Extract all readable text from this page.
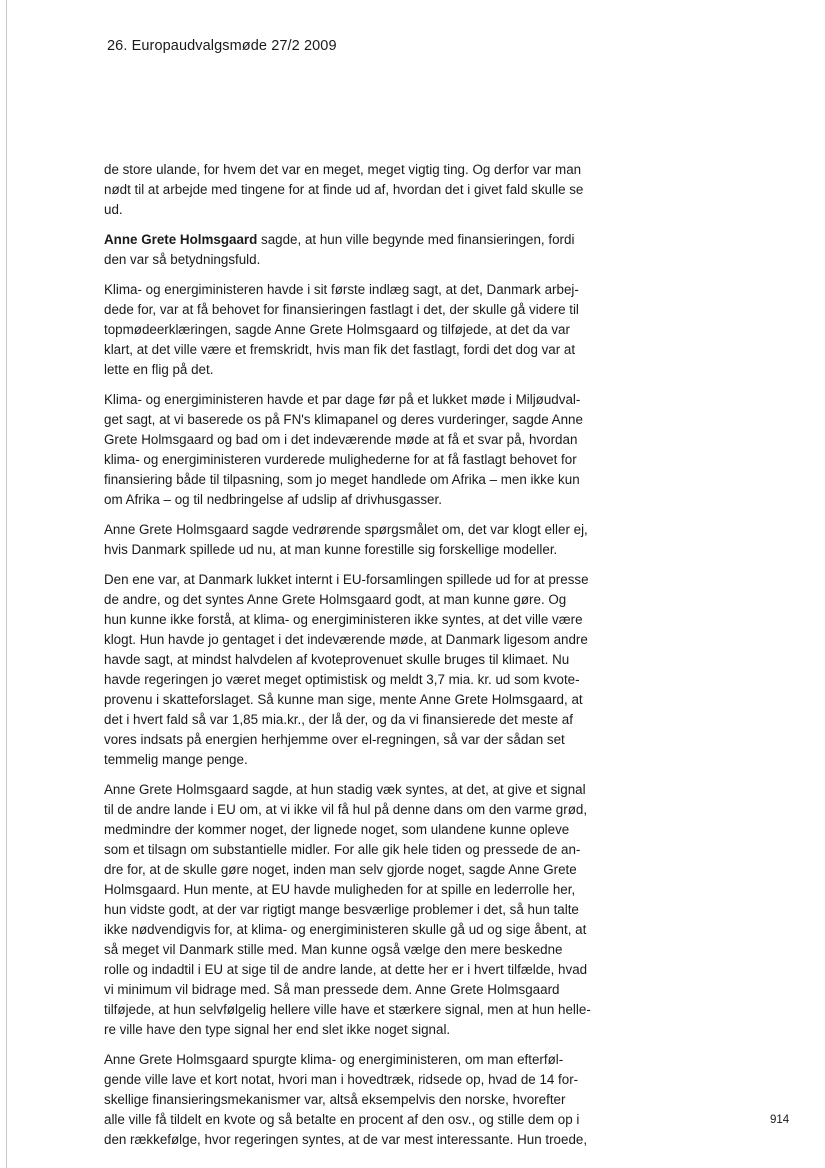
26. Europaudvalgsmøde 27/2 2009
de store ulande, for hvem det var en meget, meget vigtig ting. Og derfor var man
nødt til at arbejde med tingene for at finde ud af, hvordan det i givet fald skulle se
ud.
Anne Grete Holmsgaard sagde, at hun ville begynde med finansieringen, fordi
den var så betydningsfuld.
Klima- og energiministeren havde i sit første indlæg sagt, at det, Danmark arbej-
dede for, var at få behovet for finansieringen fastlagt i det, der skulle gå videre til
topmødeerklæringen, sagde Anne Grete Holmsgaard og tilføjede, at det da var
klart, at det ville være et fremskridt, hvis man fik det fastlagt, fordi det dog var at
lette en flig på det.
Klima- og energiministeren havde et par dage før på et lukket møde i Miljøudval-
get sagt, at vi baserede os på FN's klimapanel og deres vurderinger, sagde Anne
Grete Holmsgaard og bad om i det indeværende møde at få et svar på, hvordan
klima- og energiministeren vurderede mulighederne for at få fastlagt behovet for
finansiering både til tilpasning, som jo meget handlede om Afrika – men ikke kun
om Afrika – og til nedbringelse af udslip af drivhusgasser.
Anne Grete Holmsgaard sagde vedrørende spørgsmålet om, det var klogt eller ej,
hvis Danmark spillede ud nu, at man kunne forestille sig forskellige modeller.
Den ene var, at Danmark lukket internt i EU-forsamlingen spillede ud for at presse
de andre, og det syntes Anne Grete Holmsgaard godt, at man kunne gøre. Og
hun kunne ikke forstå, at klima- og energiministeren ikke syntes, at det ville være
klogt. Hun havde jo gentaget i det indeværende møde, at Danmark ligesom andre
havde sagt, at mindst halvdelen af kvoteprovenuet skulle bruges til klimaet. Nu
havde regeringen jo været meget optimistisk og meldt 3,7 mia. kr. ud som kvote-
provenu i skatteforslaget. Så kunne man sige, mente Anne Grete Holmsgaard, at
det i hvert fald så var 1,85 mia.kr., der lå der, og da vi finansierede det meste af
vores indsats på energien herhjemme over el-regningen, så var der sådan set
temmelig mange penge.
Anne Grete Holmsgaard sagde, at hun stadig væk syntes, at det, at give et signal
til de andre lande i EU om, at vi ikke vil få hul på denne dans om den varme grød,
medmindre der kommer noget, der lignede noget, som ulandene kunne opleve
som et tilsagn om substantielle midler. For alle gik hele tiden og pressede de an-
dre for, at de skulle gøre noget, inden man selv gjorde noget, sagde Anne Grete
Holmsgaard. Hun mente, at EU havde muligheden for at spille en lederrolle her,
hun vidste godt, at der var rigtigt mange besværlige problemer i det, så hun talte
ikke nødvendigvis for, at klima- og energiministeren skulle gå ud og sige åbent, at
så meget vil Danmark stille med. Man kunne også vælge den mere beskedne
rolle og indadtil i EU at sige til de andre lande, at dette her er i hvert tilfælde, hvad
vi minimum vil bidrage med. Så man pressede dem. Anne Grete Holmsgaard
tilføjede, at hun selvfølgelig hellere ville have et stærkere signal, men at hun helle-
re ville have den type signal her end slet ikke noget signal.
Anne Grete Holmsgaard spurgte klima- og energiministeren, om man efterføl-
gende ville lave et kort notat, hvori man i hovedtræk, ridsede op, hvad de 14 for-
skellige finansieringsmekanismer var, altså eksempelvis den norske, hvorefter
alle ville få tildelt en kvote og så betalte en procent af den osv., og stille dem op i
den rækkefølge, hvor regeringen syntes, at de var mest interessante. Hun troede,
914
